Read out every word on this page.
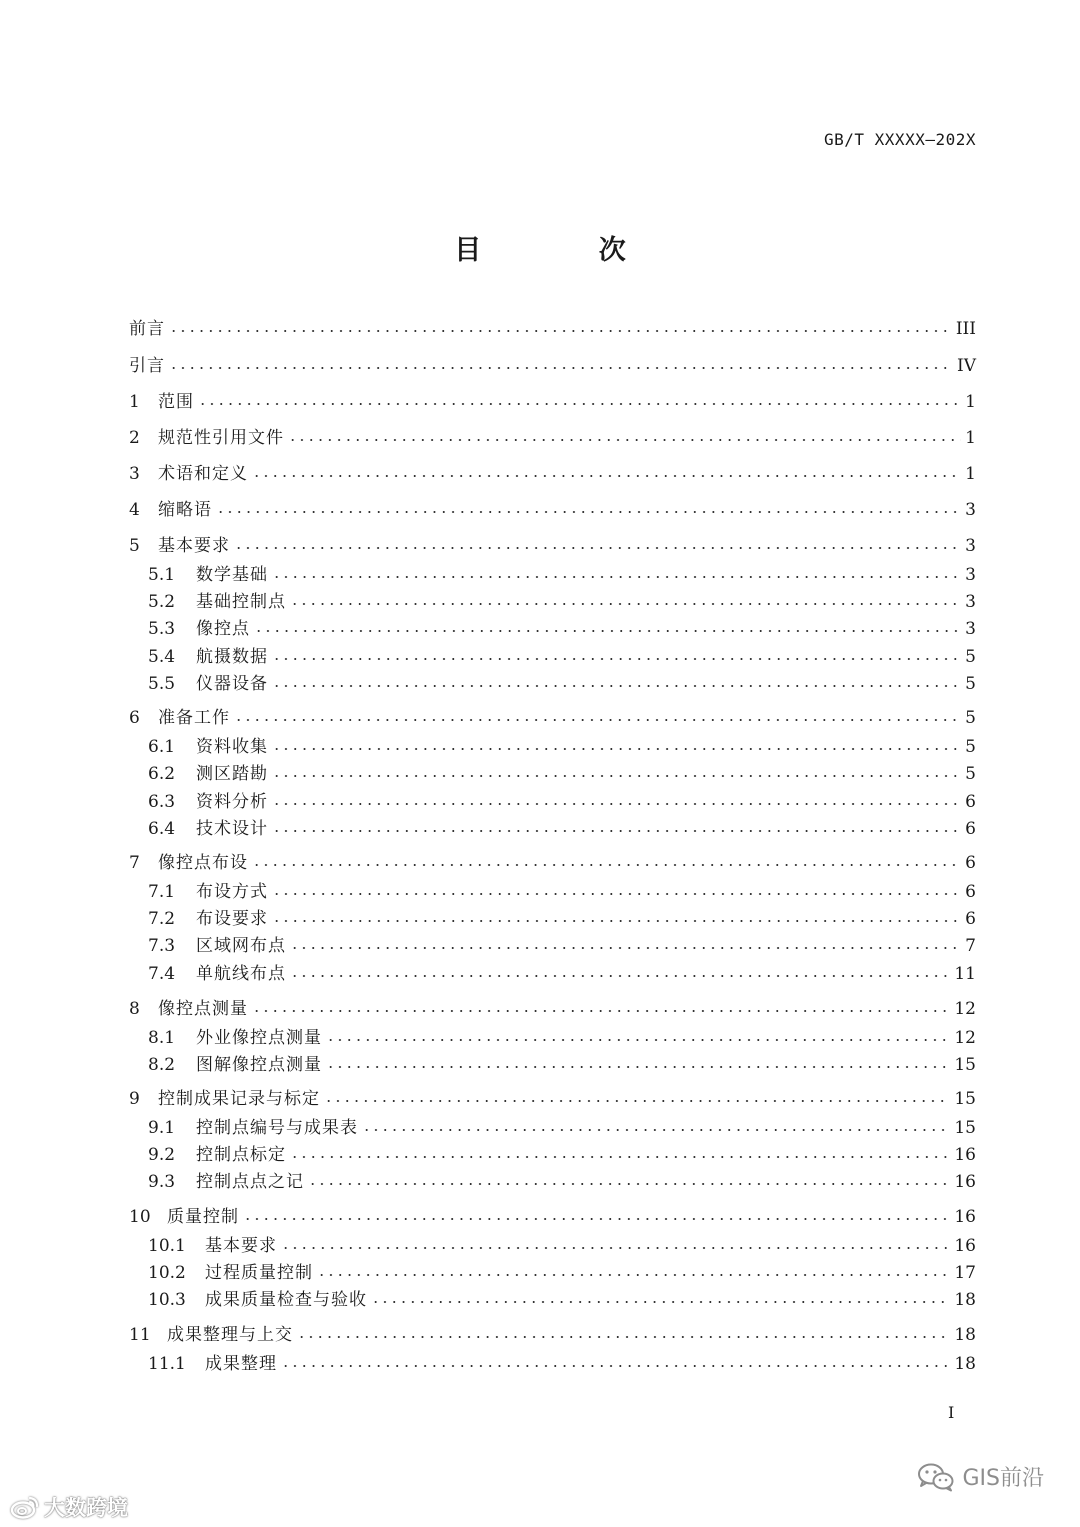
GB/T XXXXX—202X
目 次
前言	III
引言	IV
1	范围	1
2	规范性引用文件	1
3	术语和定义	1
4	缩略语	3
5	基本要求	3
5.1	数学基础	3
5.2	基础控制点	3
5.3	像控点	3
5.4	航摄数据	5
5.5	仪器设备	5
6	准备工作	5
6.1	资料收集	5
6.2	测区踏勘	5
6.3	资料分析	6
6.4	技术设计	6
7	像控点布设	6
7.1	布设方式	6
7.2	布设要求	6
7.3	区域网布点	7
7.4	单航线布点	11
8	像控点测量	12
8.1	外业像控点测量	12
8.2	图解像控点测量	15
9	控制成果记录与标定	15
9.1	控制点编号与成果表	15
9.2	控制点标定	16
9.3	控制点点之记	16
10 质量控制	16
10.1	基本要求	16
10.2	过程质量控制	17
10.3	成果质量检查与验收	18
11 成果整理与上交	18
11.1	成果整理	18
I
大数跨境
GIS前沿
